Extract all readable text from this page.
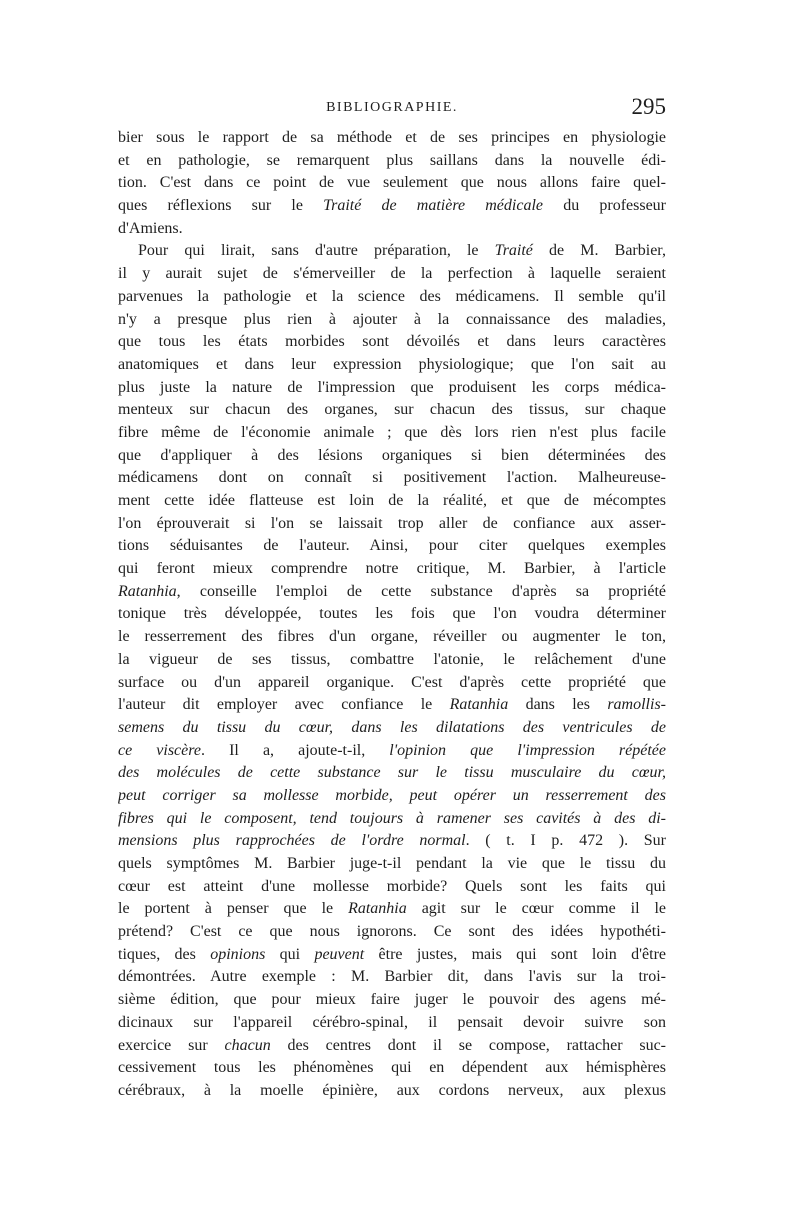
BIBLIOGRAPHIE.	295
bier sous le rapport de sa méthode et de ses principes en physiologie
et en pathologie, se remarquent plus saillans dans la nouvelle édi-
tion. C'est dans ce point de vue seulement que nous allons faire quel-
ques réflexions sur le Traité de matière médicale du professeur
d'Amiens.
Pour qui lirait, sans d'autre préparation, le Traité de M. Barbier,
il y aurait sujet de s'émerveiller de la perfection à laquelle seraient
parvenues la pathologie et la science des médicamens. Il semble qu'il
n'y a presque plus rien à ajouter à la connaissance des maladies,
que tous les états morbides sont dévoilés et dans leurs caractères
anatomiques et dans leur expression physiologique; que l'on sait au
plus juste la nature de l'impression que produisent les corps médica-
menteux sur chacun des organes, sur chacun des tissus, sur chaque
fibre même de l'économie animale ; que dès lors rien n'est plus facile
que d'appliquer à des lésions organiques si bien déterminées des
médicamens dont on connaît si positivement l'action. Malheureuse-
ment cette idée flatteuse est loin de la réalité, et que de mécomptes
l'on éprouverait si l'on se laissait trop aller de confiance aux asser-
tions séduisantes de l'auteur. Ainsi, pour citer quelques exemples
qui feront mieux comprendre notre critique, M. Barbier, à l'article
Ratanhia, conseille l'emploi de cette substance d'après sa propriété
tonique très développée, toutes les fois que l'on voudra déterminer
le resserrement des fibres d'un organe, réveiller ou augmenter le ton,
la vigueur de ses tissus, combattre l'atonie, le relâchement d'une
surface ou d'un appareil organique. C'est d'après cette propriété que
l'auteur dit employer avec confiance le Ratanhia dans les ramollis-
semens du tissu du cœur, dans les dilatations des ventricules de
ce viscère. Il a, ajoute-t-il, l'opinion que l'impression répétée
des molécules de cette substance sur le tissu musculaire du cœur,
peut corriger sa mollesse morbide, peut opérer un resserrement des
fibres qui le composent, tend toujours à ramener ses cavités à des di-
mensions plus rapprochées de l'ordre normal. ( t. I p. 472 ). Sur
quels symptômes M. Barbier juge-t-il pendant la vie que le tissu du
cœur est atteint d'une mollesse morbide? Quels sont les faits qui
le portent à penser que le Ratanhia agit sur le cœur comme il le
prétend? C'est ce que nous ignorons. Ce sont des idées hypothéti-
tiques, des opinions qui peuvent être justes, mais qui sont loin d'être
démontrées. Autre exemple : M. Barbier dit, dans l'avis sur la troi-
sième édition, que pour mieux faire juger le pouvoir des agens mé-
dicinaux sur l'appareil cérébro-spinal, il pensait devoir suivre son
exercice sur chacun des centres dont il se compose, rattacher suc-
cessivement tous les phénomènes qui en dépendent aux hémisphères
cérébraux, à la moelle épinière, aux cordons nerveux, aux plexus
